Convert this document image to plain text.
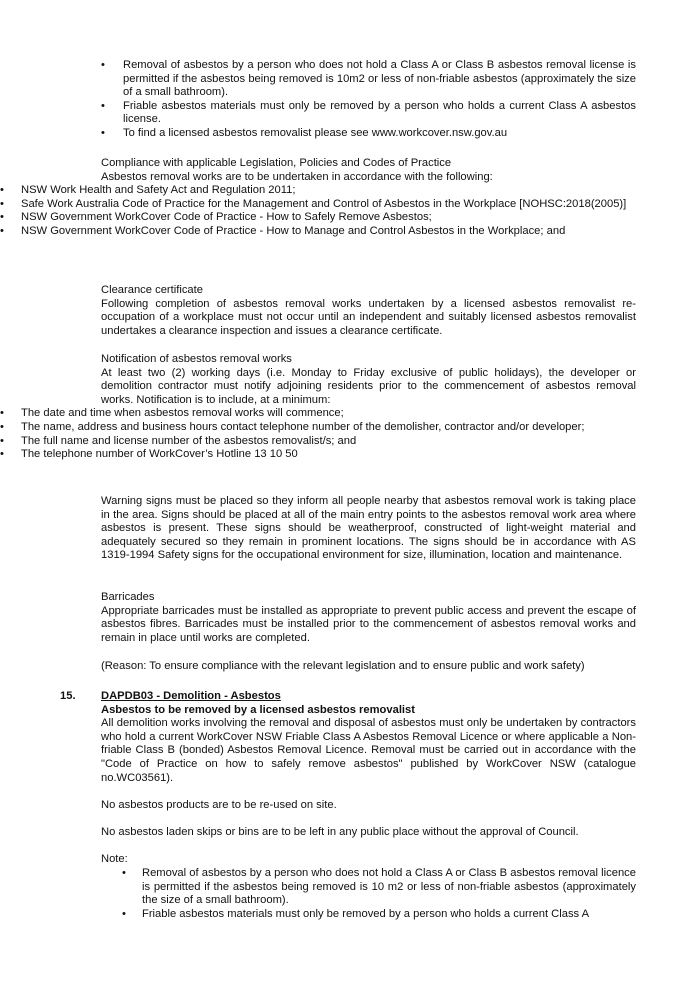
• Removal of asbestos by a person who does not hold a Class A or Class B asbestos removal license is permitted if the asbestos being removed is 10m2 or less of non-friable asbestos (approximately the size of a small bathroom).
• Friable asbestos materials must only be removed by a person who holds a current Class A asbestos license.
• To find a licensed asbestos removalist please see www.workcover.nsw.gov.au

Compliance with applicable Legislation, Policies and Codes of Practice

Asbestos removal works are to be undertaken in accordance with the following:

• NSW Work Health and Safety Act and Regulation 2011;
• Safe Work Australia Code of Practice for the Management and Control of Asbestos in the Workplace [NOHSC:2018(2005)]
• NSW Government WorkCover Code of Practice - How to Safely Remove Asbestos;
• NSW Government WorkCover Code of Practice - How to Manage and Control Asbestos in the Workplace; and

Clearance certificate

Following completion of asbestos removal works undertaken by a licensed asbestos removalist re-occupation of a workplace must not occur until an independent and suitably licensed asbestos removalist undertakes a clearance inspection and issues a clearance certificate.

Notification of asbestos removal works

At least two (2) working days (i.e. Monday to Friday exclusive of public holidays), the developer or demolition contractor must notify adjoining residents prior to the commencement of asbestos removal works. Notification is to include, at a minimum:

• The date and time when asbestos removal works will commence;
• The name, address and business hours contact telephone number of the demolisher, contractor and/or developer;
• The full name and license number of the asbestos removalist/s; and
• The telephone number of WorkCover’s Hotline 13 10 50

Warning signs must be placed so they inform all people nearby that asbestos removal work is taking place in the area. Signs should be placed at all of the main entry points to the asbestos removal work area where asbestos is present. These signs should be weatherproof, constructed of light-weight material and adequately secured so they remain in prominent locations. The signs should be in accordance with AS 1319-1994 Safety signs for the occupational environment for size, illumination, location and maintenance.

Barricades

Appropriate barricades must be installed as appropriate to prevent public access and prevent the escape of asbestos fibres. Barricades must be installed prior to the commencement of asbestos removal works and remain in place until works are completed.

(Reason: To ensure compliance with the relevant legislation and to ensure public and work safety)

15. DAPDB03 - Demolition - Asbestos

Asbestos to be removed by a licensed asbestos removalist

All demolition works involving the removal and disposal of asbestos must only be undertaken by contractors who hold a current WorkCover NSW Friable Class A Asbestos Removal Licence or where applicable a Non-friable Class B (bonded) Asbestos Removal Licence. Removal must be carried out in accordance with the "Code of Practice on how to safely remove asbestos" published by WorkCover NSW (catalogue no.WC03561).

No asbestos products are to be re-used on site.

No asbestos laden skips or bins are to be left in any public place without the approval of Council.

Note:

• Removal of asbestos by a person who does not hold a Class A or Class B asbestos removal licence is permitted if the asbestos being removed is 10 m2 or less of non-friable asbestos (approximately the size of a small bathroom).
• Friable asbestos materials must only be removed by a person who holds a current Class A
